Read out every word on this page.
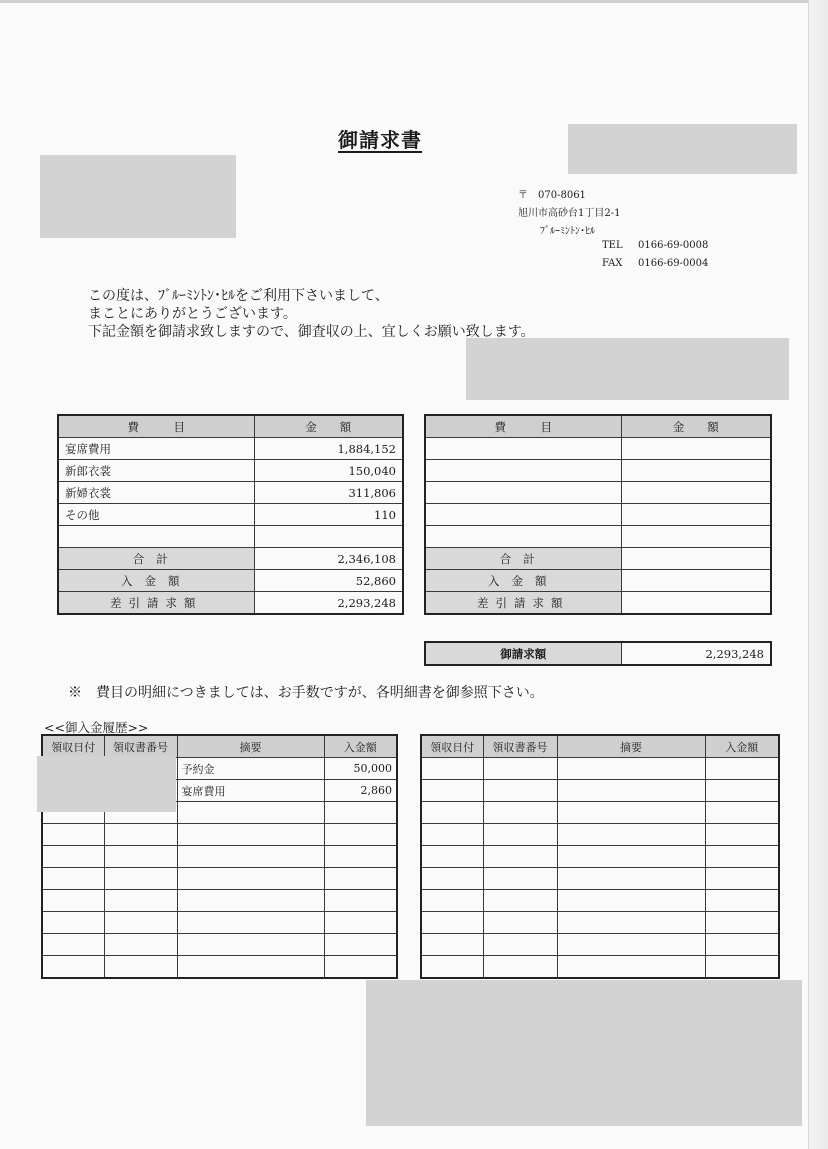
御請求書
〒　070-8061
旭川市高砂台1丁目2-1
ﾌﾞﾙｰﾐﾝﾄﾝ･ﾋﾙ
TEL 0166-69-0008
FAX 0166-69-0004
この度は、ﾌﾞﾙｰﾐﾝﾄﾝ･ﾋﾙをご利用下さいまして、
まことにありがとうございます。
下記金額を御請求致しますので、御査収の上、宜しくお願い致します。
費　　　目	金　　額
宴席費用	1,884,152
新郎衣裳	150,040
新婦衣裳	311,806
その他	110

合計	2,346,108
入金額	52,860
差引請求額	2,293,248
費　　　目	金　　額

合計	
入金額	
差引請求額	
御請求額	2,293,248
※　費目の明細につきましては、お手数ですが、各明細書を御参照下さい。
<<御入金履歴>>
領収日付	領収書番号	摘要	入金額
		予約金	50,000
		宴席費用	2,860

領収日付	領収書番号	摘要	入金額
